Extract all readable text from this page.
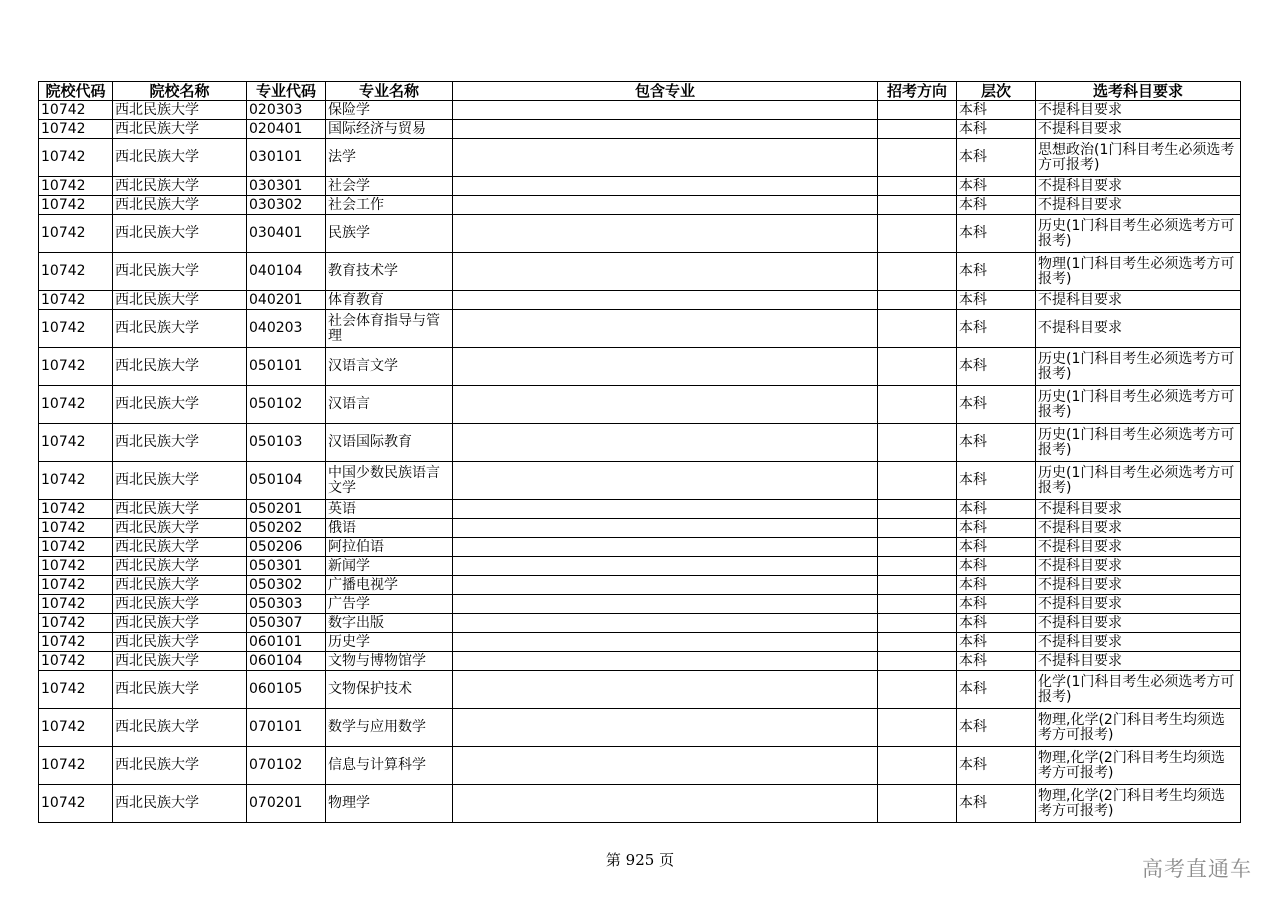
院校代码	院校名称	专业代码	专业名称	包含专业	招考方向	层次	选考科目要求
10742	西北民族大学	020303	保险学			本科	不提科目要求
10742	西北民族大学	020401	国际经济与贸易			本科	不提科目要求
10742	西北民族大学	030101	法学			本科	思想政治(1门科目考生必须选考方可报考)
10742	西北民族大学	030301	社会学			本科	不提科目要求
10742	西北民族大学	030302	社会工作			本科	不提科目要求
10742	西北民族大学	030401	民族学			本科	历史(1门科目考生必须选考方可报考)
10742	西北民族大学	040104	教育技术学			本科	物理(1门科目考生必须选考方可报考)
10742	西北民族大学	040201	体育教育			本科	不提科目要求
10742	西北民族大学	040203	社会体育指导与管理			本科	不提科目要求
10742	西北民族大学	050101	汉语言文学			本科	历史(1门科目考生必须选考方可报考)
10742	西北民族大学	050102	汉语言			本科	历史(1门科目考生必须选考方可报考)
10742	西北民族大学	050103	汉语国际教育			本科	历史(1门科目考生必须选考方可报考)
10742	西北民族大学	050104	中国少数民族语言文学			本科	历史(1门科目考生必须选考方可报考)
10742	西北民族大学	050201	英语			本科	不提科目要求
10742	西北民族大学	050202	俄语			本科	不提科目要求
10742	西北民族大学	050206	阿拉伯语			本科	不提科目要求
10742	西北民族大学	050301	新闻学			本科	不提科目要求
10742	西北民族大学	050302	广播电视学			本科	不提科目要求
10742	西北民族大学	050303	广告学			本科	不提科目要求
10742	西北民族大学	050307	数字出版			本科	不提科目要求
10742	西北民族大学	060101	历史学			本科	不提科目要求
10742	西北民族大学	060104	文物与博物馆学			本科	不提科目要求
10742	西北民族大学	060105	文物保护技术			本科	化学(1门科目考生必须选考方可报考)
10742	西北民族大学	070101	数学与应用数学			本科	物理,化学(2门科目考生均须选考方可报考)
10742	西北民族大学	070102	信息与计算科学			本科	物理,化学(2门科目考生均须选考方可报考)
10742	西北民族大学	070201	物理学			本科	物理,化学(2门科目考生均须选考方可报考)
第 925 页	高考直通车
